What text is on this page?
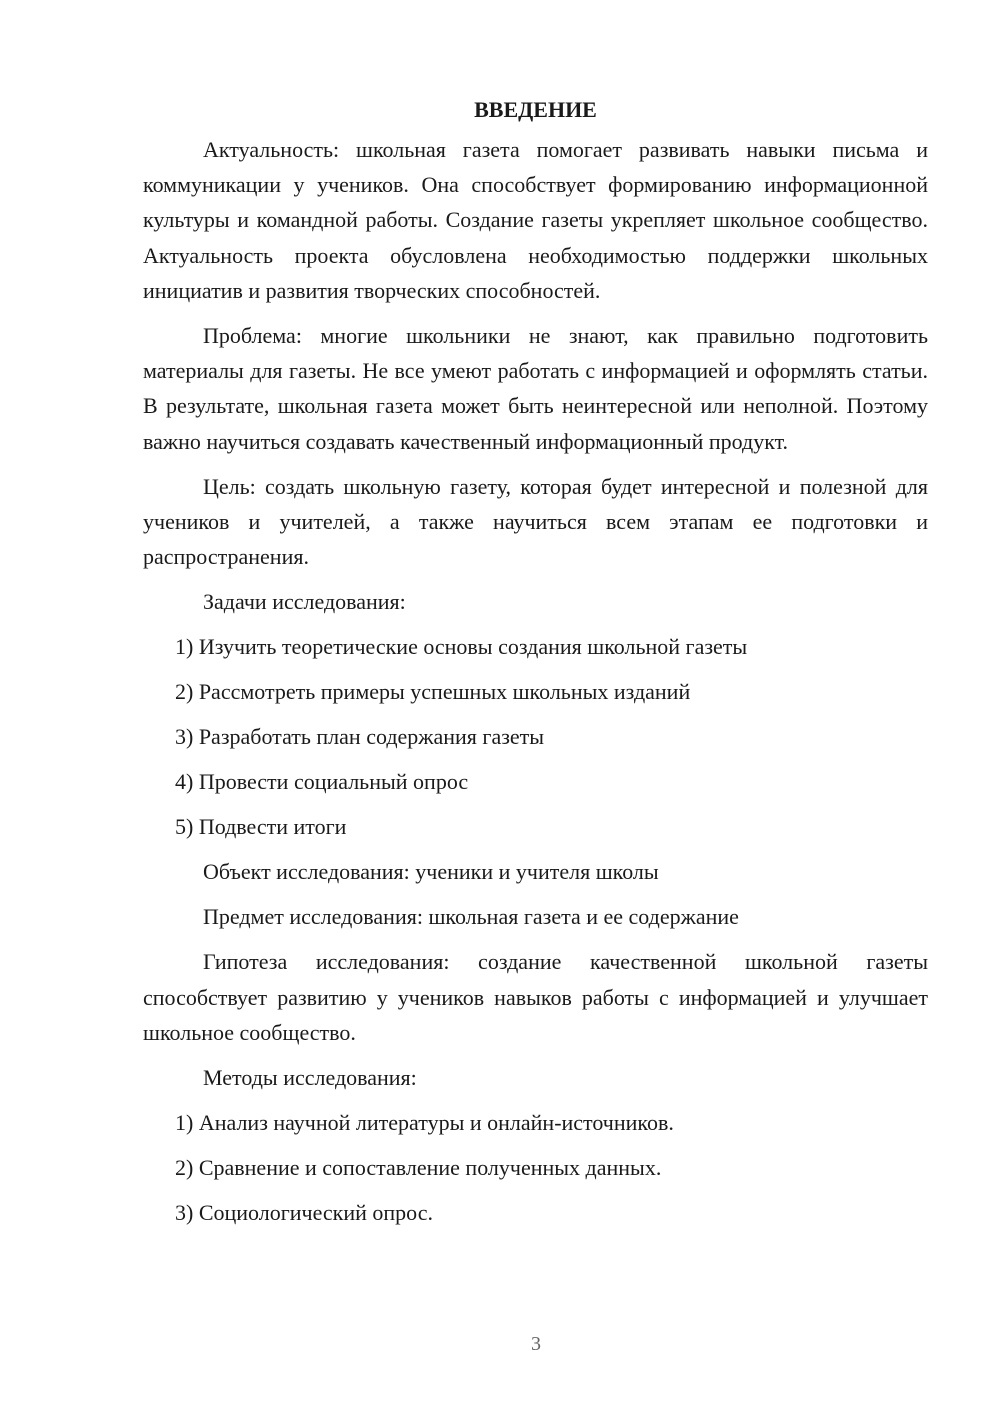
ВВЕДЕНИЕ

Актуальность: школьная газета помогает развивать навыки письма и коммуникации у учеников. Она способствует формированию информационной культуры и командной работы. Создание газеты укрепляет школьное сообщество. Актуальность проекта обусловлена необходимостью поддержки школьных инициатив и развития творческих способностей.

Проблема: многие школьники не знают, как правильно подготовить материалы для газеты. Не все умеют работать с информацией и оформлять статьи. В результате, школьная газета может быть неинтересной или неполной. Поэтому важно научиться создавать качественный информационный продукт.

Цель: создать школьную газету, которая будет интересной и полезной для учеников и учителей, а также научиться всем этапам ее подготовки и распространения.

Задачи исследования:

1) Изучить теоретические основы создания школьной газеты
2) Рассмотреть примеры успешных школьных изданий
3) Разработать план содержания газеты
4) Провести социальный опрос
5) Подвести итоги

Объект исследования: ученики и учителя школы

Предмет исследования: школьная газета и ее содержание

Гипотеза исследования: создание качественной школьной газеты способствует развитию у учеников навыков работы с информацией и улучшает школьное сообщество.

Методы исследования:

1) Анализ научной литературы и онлайн-источников.
2) Сравнение и сопоставление полученных данных.
3) Социологический опрос.
3
